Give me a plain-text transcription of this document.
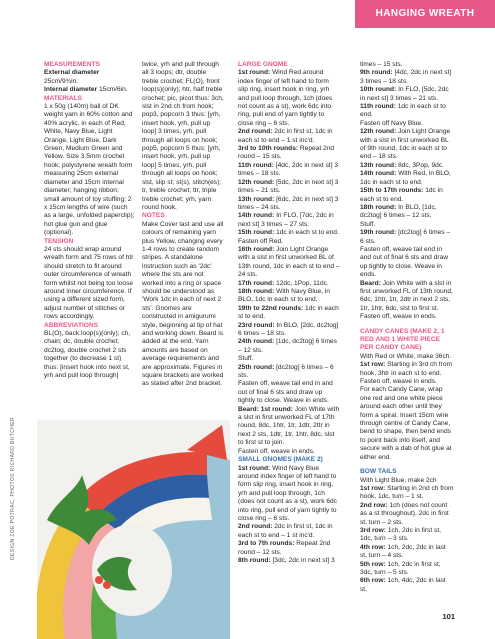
HANGING WREATH

MEASUREMENTS

External diameter

25cm/9¾in.

Internal diameter 15cm/6in.

MATERIALS

1 x 50g (140m) ball of DK weight yarn in 60% cotton and 40% acrylic, in each of Red, White, Navy Blue, Light Orange, Light Blue, Dark Green, Medium Green and Yellow. Size 3.5mm crochet hook; polystyrene wreath form measuring 25cm external diameter and 15cm internal diameter; hanging ribbon; small amount of toy stuffing; 2 x 15cm lengths of wire (such as a large, unfolded paperclip); hot glue gun and glue (optional).

TENSION

24 sts should wrap around wreath form and 75 rows of htr should stretch to fit around outer circumference of wreath form whilst not being too loose around inner circumference. If using a different sized form, adjust number of stitches or rows accordingly.

ABBREVIATIONS

BL(O), back loop(s)(only); ch, chain; dc, double crochet; dc2tog, double crochet 2 sts together (to decrease 1 st) thus: [insert hook into next st, yrh and pull loop through]

twice, yrh and pull through all 3 loops; dtr, double treble crochet; FL(O), front loop(s)(only); htr, half treble crochet; pic, picot thus: 3ch, slst in 2nd ch from hook; pop3, popcorn 3 thus: [yrh, insert hook, yrh, pull up loop] 3 times, yrh, pull through all loops on hook; pop5, popcorn 5 thus: [yrh, insert hook, yrh, pull up loop] 5 times, yrh, pull through all loops on hook; slst, slip st; st(s), stitch(es); tr, treble crochet; ttr, triple treble crochet; yrh, yarn round hook.

NOTES

Make Cover last and use all colours of remaining yarn plus Yellow, changing every 1-4 rows to create random stripes. A standalone instruction such as '2dc' where the sts are not worked into a ring or space should be understood as 'Work 1dc in each of next 2 sts'. Gnomes are constructed in amigurumi style, beginning at tip of hat and working down. Beard is added at the end. Yarn amounts are based on average requirements and are approximate. Figures in square brackets are worked as stated after 2nd bracket.

LARGE GNOME

1st round: Wind Red around index finger of left hand to form slip ring, insert hook in ring, yrh and pull loop through, 1ch (does not count as a st), work 6dc into ring, pull end of yarn tightly to close ring – 6 sts.

2nd round: 2dc in first st, 1dc in each st to end – 1 st inc'd.

3rd to 10th rounds: Repeat 2nd round – 15 sts.

11th round: [4dc, 2dc in next st] 3 times – 18 sts.

12th round: [5dc, 2dc in next st] 3 times – 21 sts.

13th round: [6dc, 2dc in next st] 3 times – 24 sts.

14th round: In FLO, [7dc, 2dc in next st] 3 times – 27 sts.

15th round: 1dc in each st to end.

Fasten off Red.

16th round: Join Light Orange with a slst in first unworked BL of 13th round, 1dc in each st to end – 24 sts.

17th round: 12dc, 1Pop, 11dc.

18th round: With Navy Blue, in BLO, 1dc in each st to end.

19th to 22nd rounds: 1dc in each st to end.

23rd round: In BLO, [2dc, dc2tog] 6 times – 18 sts.

24th round: [1dc, dc2tog] 6 times – 12 sts.

Stuff.

25th round: [dc2tog] 6 times – 6 sts.

Fasten off, weave tail end in and out of final 6 sts and draw up tightly to close. Weave in ends.

Beard: 1st round: Join White with a slst in first unworked FL of 17th round, 8dc, 1htr, 1tr, 1dtr, 2ttr in next 2 sts, 1dtr, 1tr, 1htr, 8dc, slst to first st to join.

Fasten off, weave in ends.

SMALL GNOMES (MAKE 2)

1st round: Wind Navy Blue around index finger of left hand to form slip ring, insert hook in ring, yrh and pull loop through, 1ch (does not count as a st), work 6dc into ring, pull end of yarn tightly to close ring – 6 sts.

2nd round: 2dc in first st, 1dc in each st to end – 1 st inc'd.

3rd to 7th rounds: Repeat 2nd round – 12 sts.

8th round: [3dc, 2dc in next st] 3

times – 15 sts.

9th round: [4dc, 2dc in next st] 3 times – 18 sts.

10th round: In FLO, [5dc, 2dc in next st] 3 times – 21 sts.

11th round: 1dc in each st to end.

Fasten off Navy Blue.

12th round: Join Light Orange with a slst in first unworked BL of 9th round, 1dc in each st to end – 18 sts.

13th round: 8dc, 3Pop, 9dc.

14th round: With Red, in BLO, 1dc in each st to end.

15th to 17th rounds: 1dc in each st to end.

18th round: In BLO, [1dc, dc2tog] 6 times – 12 sts.

Stuff.

19th round: [dc2tog] 6 times – 6 sts.

Fasten off, weave tail end in and out of final 6 sts and draw up tightly to close. Weave in ends.

Beard: Join White with a slst in first unworked FL of 13th round, 6dc, 1htr, 1tr, 2dtr in next 2 sts, 1tr, 1htr, 6dc, slst to first st.

Fasten off, weave in ends.

CANDY CANES (MAKE 2, 1 RED AND 1 WHITE PIECE PER CANDY CANE)

With Red or White, make 36ch.

1st row: Starting in 3rd ch from hook, 3htr in each st to end.

Fasten off, weave in ends.

For each Candy Cane, wrap one red and one white piece around each other until they form a spiral. Insert 15cm wire through centre of Candy Cane, bend to shape, then bend ends to point back into itself, and secure with a dab of hot glue at either end.

BOW TAILS

With Light Blue, make 2ch

1st row: Starting in 2nd ch from hook, 1dc, turn – 1 st.

2nd row: 1ch (does not count as a st throughout), 2dc in first st, turn – 2 sts.

3rd row: 1ch, 2dc in first st, 1dc, turn – 3 sts.

4th row: 1ch, 2dc, 2dc in last st, turn – 4 sts.

5th row: 1ch, 2dc in first st, 3dc, turn – 5 sts.

6th row: 1ch, 4dc, 2dc in last st,

DESIGN ZOE POTRAC, PHOTOS RICHARD BUTCHER
101
